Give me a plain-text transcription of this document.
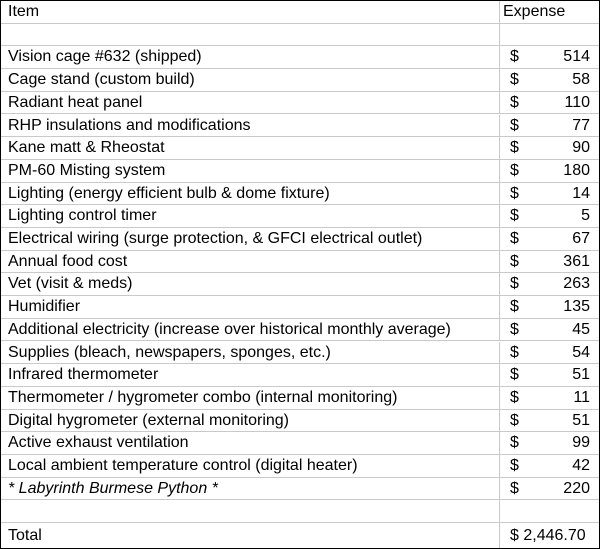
Item	Expense
Vision cage #632 (shipped)	$	514
Cage stand (custom build)	$	58
Radiant heat panel	$	110
RHP insulations and modifications	$	77
Kane matt & Rheostat	$	90
PM-60 Misting system	$	180
Lighting (energy efficient bulb & dome fixture)	$	14
Lighting control timer	$	5
Electrical wiring (surge protection, & GFCI electrical outlet)	$	67
Annual food cost	$	361
Vet (visit & meds)	$	263
Humidifier	$	135
Additional electricity (increase over historical monthly average)	$	45
Supplies (bleach, newspapers, sponges, etc.)	$	54
Infrared thermometer	$	51
Thermometer / hygrometer combo (internal monitoring)	$	11
Digital hygrometer (external monitoring)	$	51
Active exhaust ventilation	$	99
Local ambient temperature control (digital heater)	$	42
* Labyrinth Burmese Python *	$	220
Total	$ 2,446.70
